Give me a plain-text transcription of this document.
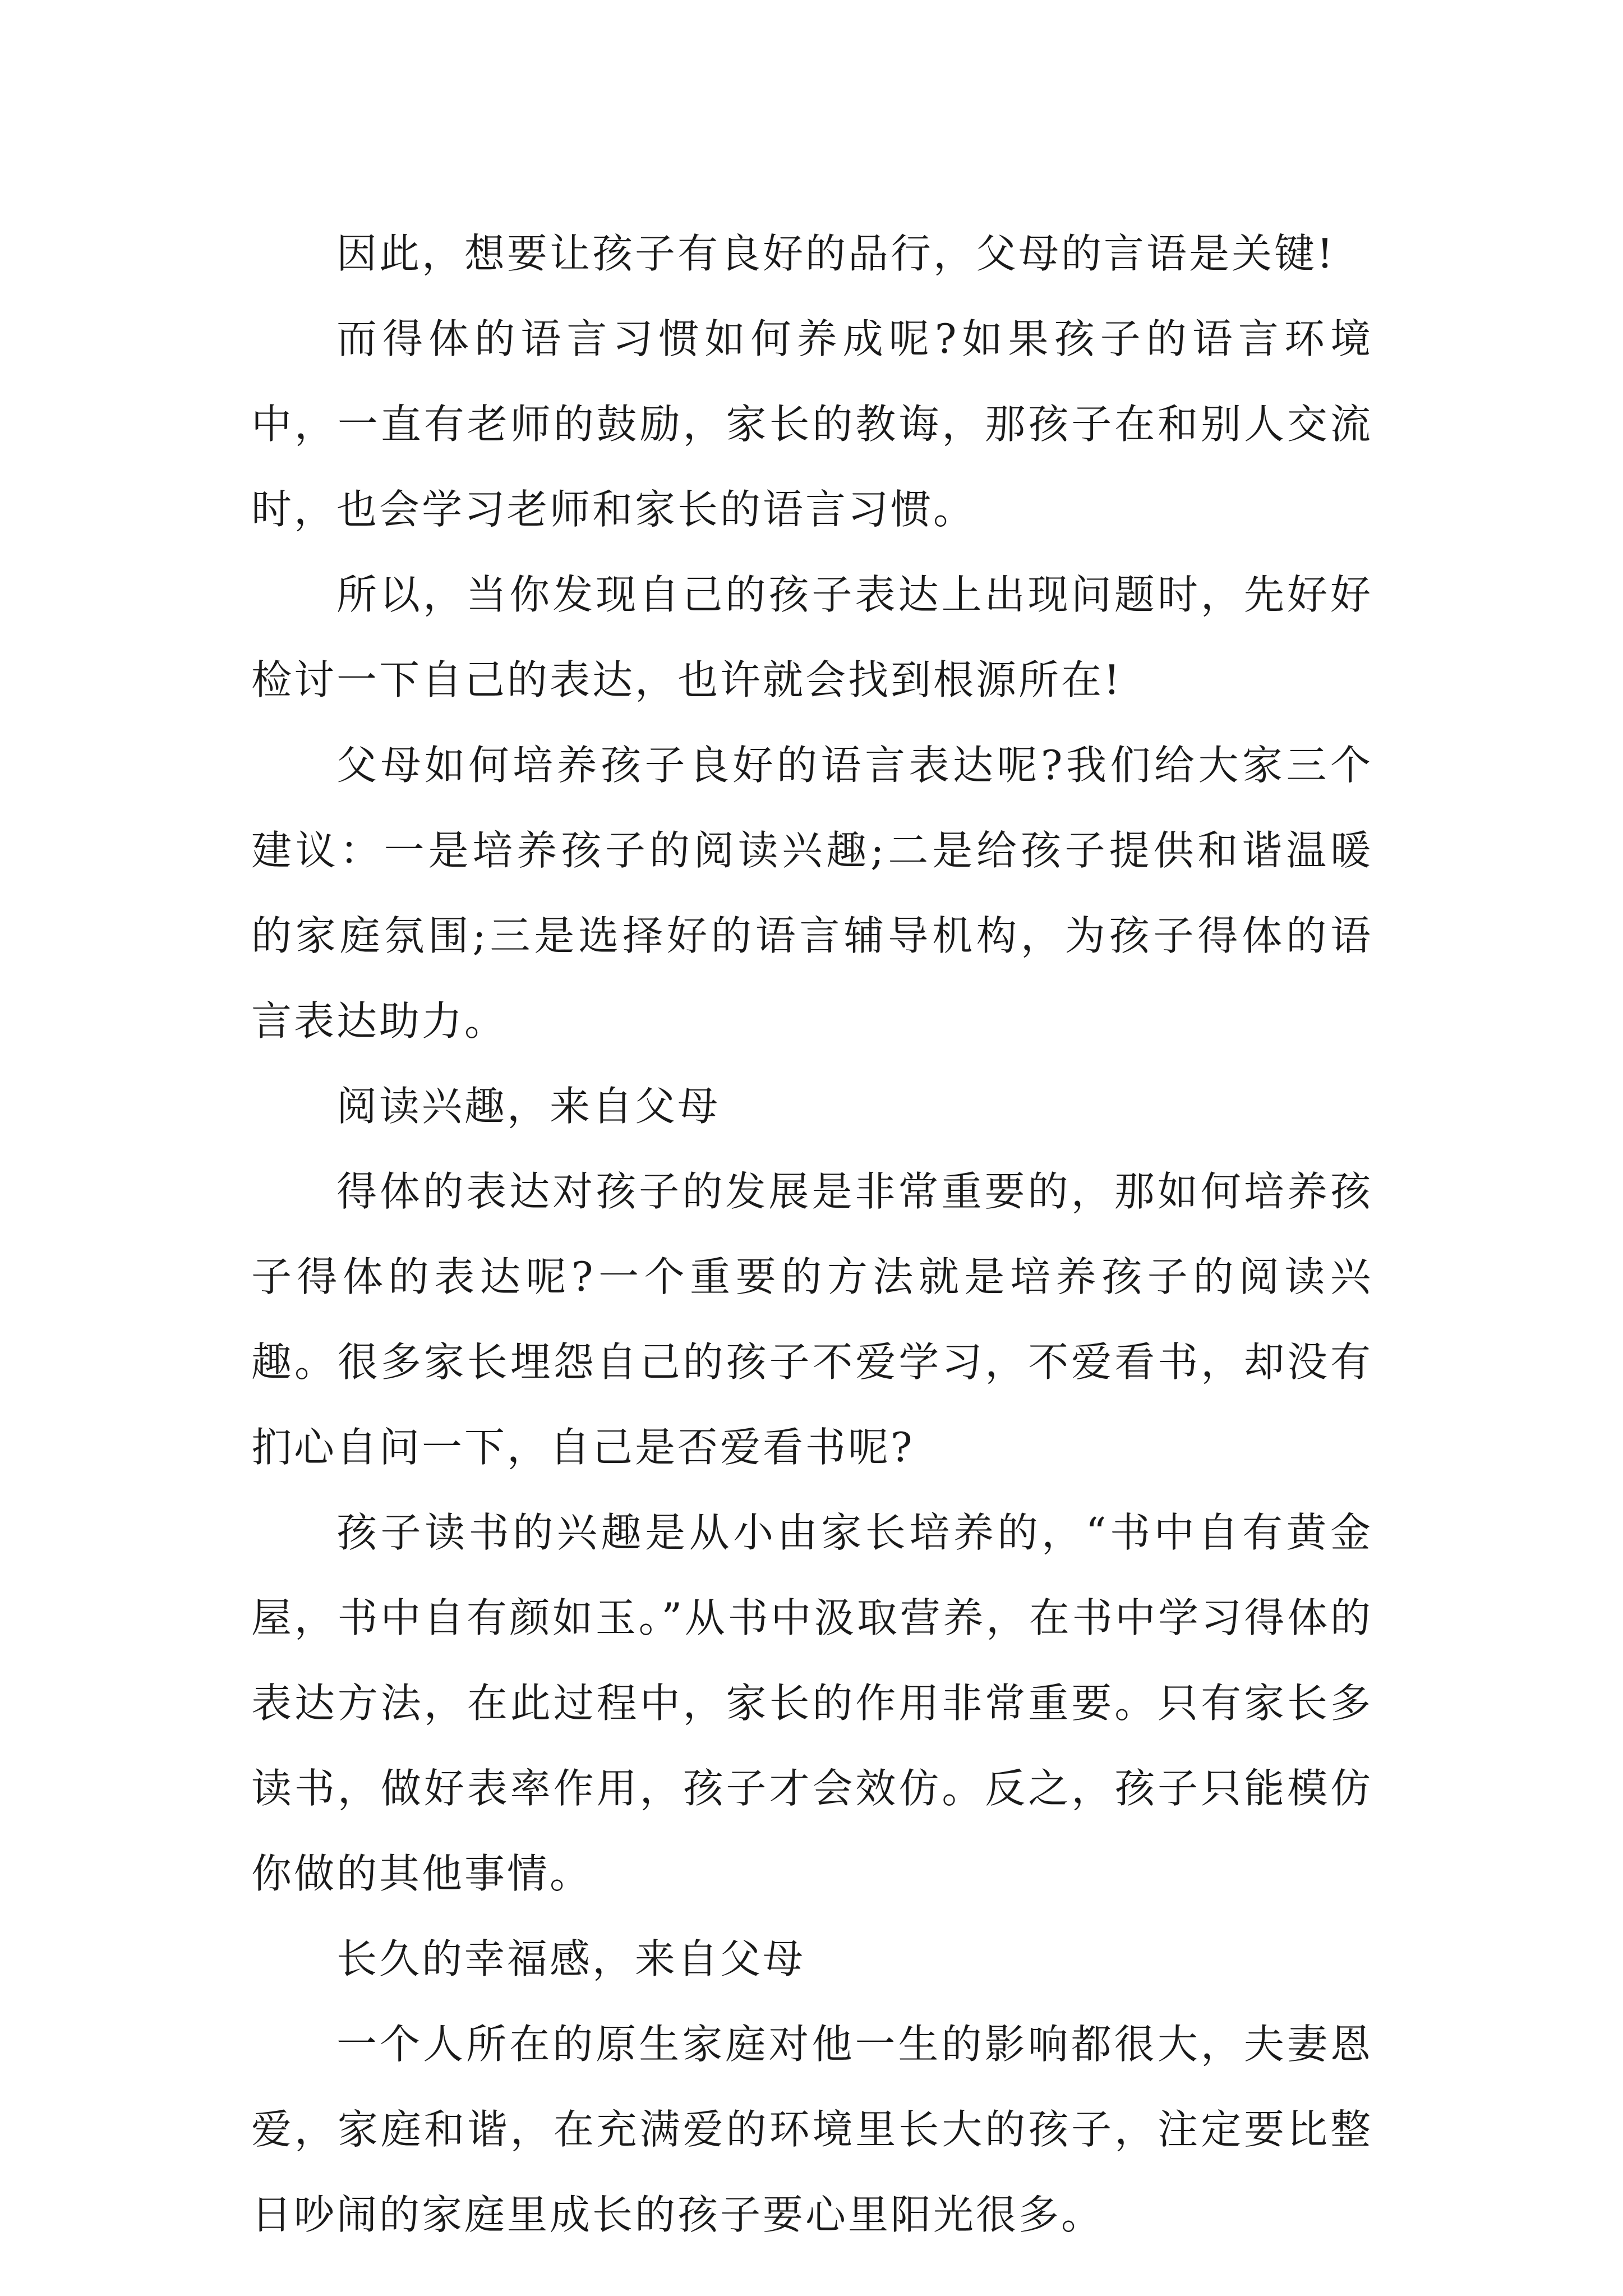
因此，想要让孩子有良好的品行，父母的言语是关键!

而得体的语言习惯如何养成呢?如果孩子的语言环境中，一直有老师的鼓励，家长的教诲，那孩子在和别人交流时，也会学习老师和家长的语言习惯。

所以，当你发现自己的孩子表达上出现问题时，先好好检讨一下自己的表达，也许就会找到根源所在!

父母如何培养孩子良好的语言表达呢?我们给大家三个建议：一是培养孩子的阅读兴趣;二是给孩子提供和谐温暖的家庭氛围;三是选择好的语言辅导机构，为孩子得体的语言表达助力。

阅读兴趣，来自父母

得体的表达对孩子的发展是非常重要的，那如何培养孩子得体的表达呢?一个重要的方法就是培养孩子的阅读兴趣。很多家长埋怨自己的孩子不爱学习，不爱看书，却没有扪心自问一下，自己是否爱看书呢?

孩子读书的兴趣是从小由家长培养的，“书中自有黄金屋，书中自有颜如玉。”从书中汲取营养，在书中学习得体的表达方法，在此过程中，家长的作用非常重要。只有家长多读书，做好表率作用，孩子才会效仿。反之，孩子只能模仿你做的其他事情。

长久的幸福感，来自父母

一个人所在的原生家庭对他一生的影响都很大，夫妻恩爱，家庭和谐，在充满爱的环境里长大的孩子，注定要比整日吵闹的家庭里成长的孩子要心里阳光很多。
